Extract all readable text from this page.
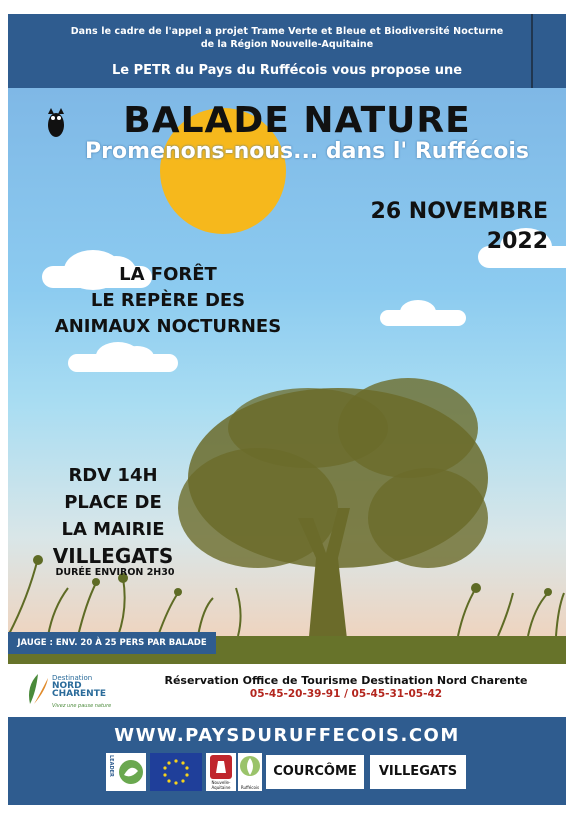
Dans le cadre de l'appel a projet Trame Verte et Bleue et Biodiversité Nocturne
de la Région Nouvelle-Aquitaine
Le PETR du Pays du Ruffécois vous propose une
BALADE NATURE
Promenons-nous... dans l' Ruffécois
26 NOVEMBRE
2022
LA FORÊT
LE REPÈRE DES
ANIMAUX NOCTURNES
RDV 14H
PLACE DE
LA MAIRIE
VILLEGATS
DURÉE ENVIRON 2H30
JAUGE : ENV. 20 À 25 PERS PAR BALADE
Destination
NORD
CHARENTE
Vivez une pause nature
Réservation Office de Tourisme Destination Nord Charente
05-45-20-39-91 / 05-45-31-05-42
WWW.PAYSDURUFFECOIS.COM
LEADER
Nouvelle-Aquitaine	Ruffécois
COURCÔME	VILLEGATS
